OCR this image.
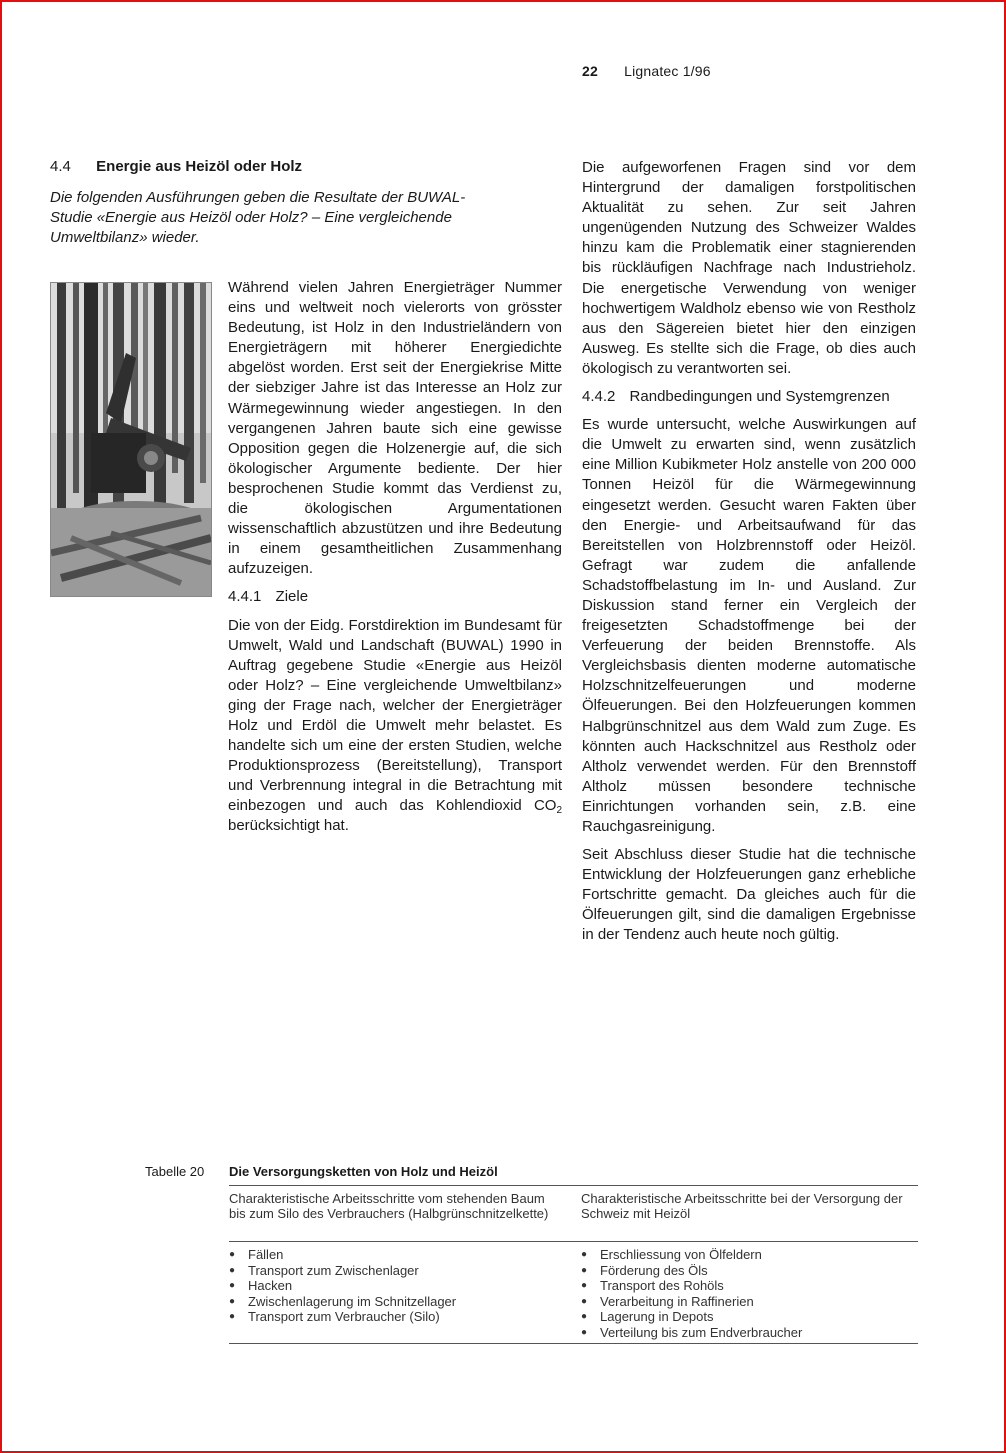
22 Lignatec 1/96
4.4 Energie aus Heizöl oder Holz
Die folgenden Ausführungen geben die Resultate der BUWAL-Studie «Energie aus Heizöl oder Holz? – Eine vergleichende Umweltbilanz» wieder.

Während vielen Jahren Energieträger Nummer eins und weltweit noch vielerorts von grösster Bedeutung, ist Holz in den Industrieländern von Energieträgern mit höherer Energiedichte abgelöst worden. Erst seit der Energiekrise Mitte der siebziger Jahre ist das Interesse an Holz zur Wärmegewinnung wieder angestiegen. In den vergangenen Jahren baute sich eine gewisse Opposition gegen die Holzenergie auf, die sich ökologischer Argumente bediente. Der hier besprochenen Studie kommt das Verdienst zu, die ökologischen Argumentationen wissenschaftlich abzustützen und ihre Bedeutung in einem gesamtheitlichen Zusammenhang aufzuzeigen.

4.4.1 Ziele

Die von der Eidg. Forstdirektion im Bundesamt für Umwelt, Wald und Landschaft (BUWAL) 1990 in Auftrag gegebene Studie «Energie aus Heizöl oder Holz? – Eine vergleichende Umweltbilanz» ging der Frage nach, welcher der Energieträger Holz und Erdöl die Umwelt mehr belastet. Es handelte sich um eine der ersten Studien, welche Produktionsprozess (Bereitstellung), Transport und Verbrennung integral in die Betrachtung mit einbezogen und auch das Kohlendioxid $CO_2$ berücksichtigt hat.

Die aufgeworfenen Fragen sind vor dem Hintergrund der damaligen forstpolitischen Aktualität zu sehen. Zur seit Jahren ungenügenden Nutzung des Schweizer Waldes hinzu kam die Problematik einer stagnierenden bis rückläufigen Nachfrage nach Industrieholz. Die energetische Verwendung von weniger hochwertigem Waldholz ebenso wie von Restholz aus den Sägereien bietet hier den einzigen Ausweg. Es stellte sich die Frage, ob dies auch ökologisch zu verantworten sei.

4.4.2 Randbedingungen und Systemgrenzen

Es wurde untersucht, welche Auswirkungen auf die Umwelt zu erwarten sind, wenn zusätzlich eine Million Kubikmeter Holz anstelle von 200 000 Tonnen Heizöl für die Wärmegewinnung eingesetzt werden. Gesucht waren Fakten über den Energie- und Arbeitsaufwand für das Bereitstellen von Holzbrennstoff oder Heizöl. Gefragt war zudem die anfallende Schadstoffbelastung im In- und Ausland. Zur Diskussion stand ferner ein Vergleich der freigesetzten Schadstoffmenge bei der Verfeuerung der beiden Brennstoffe. Als Vergleichsbasis dienten moderne automatische Holzschnitzelfeuerungen und moderne Ölfeuerungen. Bei den Holzfeuerungen kommen Halbgrünschnitzel aus dem Wald zum Zuge. Es könnten auch Hackschnitzel aus Restholz oder Altholz verwendet werden. Für den Brennstoff Altholz müssen besondere technische Einrichtungen vorhanden sein, z.B. eine Rauchgasreinigung.

Seit Abschluss dieser Studie hat die technische Entwicklung der Holzfeuerungen ganz erhebliche Fortschritte gemacht. Da gleiches auch für die Ölfeuerungen gilt, sind die damaligen Ergebnisse in der Tendenz auch heute noch gültig.

Tabelle 20 Die Versorgungsketten von Holz und Heizöl
Charakteristische Arbeitsschritte vom stehenden Baum bis zum Silo des Verbrauchers (Halbgrünschnitzelkette)
Charakteristische Arbeitsschritte bei der Versorgung der Schweiz mit Heizöl
● Fällen
● Transport zum Zwischenlager
● Hacken
● Zwischenlagerung im Schnitzellager
● Transport zum Verbraucher (Silo)
● Erschliessung von Ölfeldern
● Förderung des Öls
● Transport des Rohöls
● Verarbeitung in Raffinerien
● Lagerung in Depots
● Verteilung bis zum Endverbraucher
